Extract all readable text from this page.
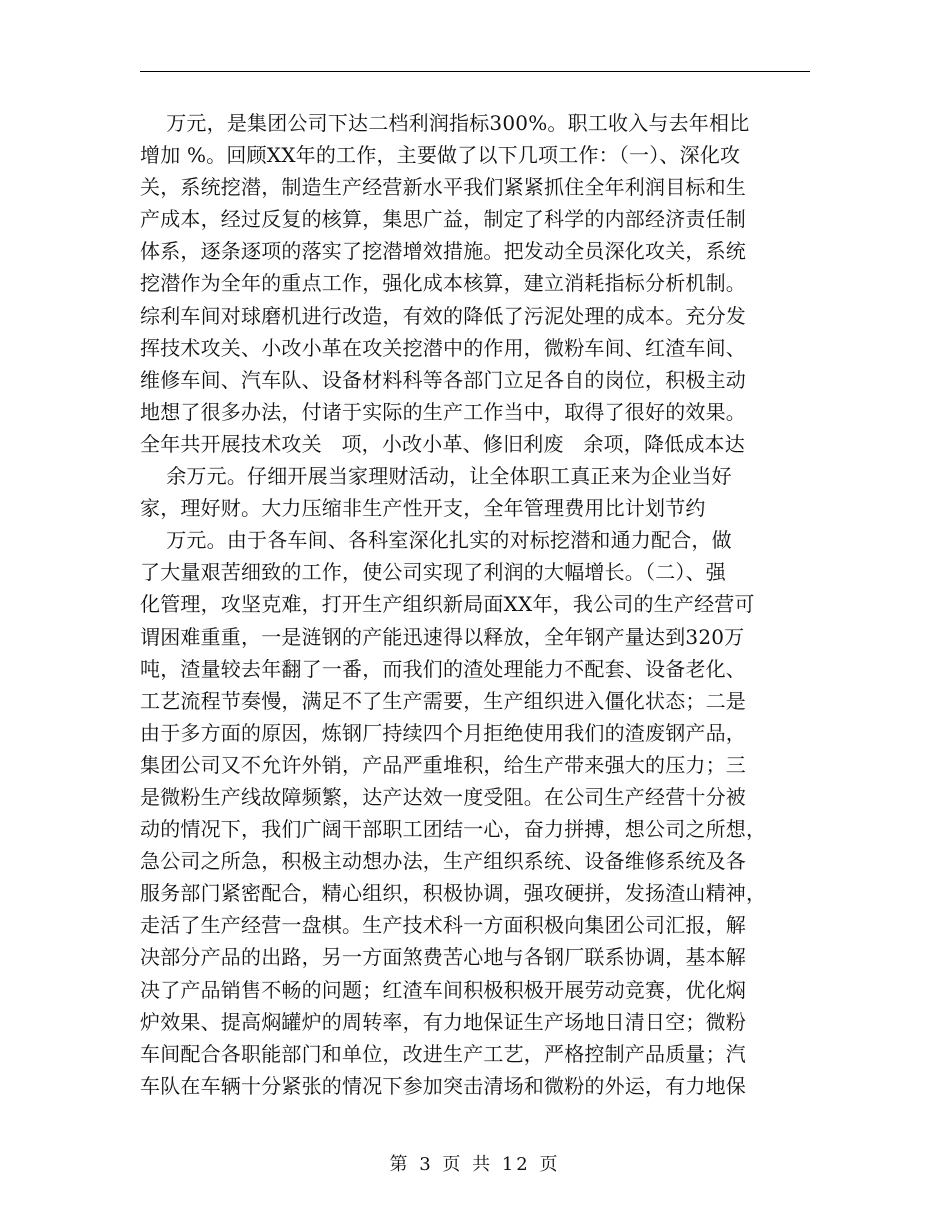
万元，是集团公司下达二档利润指标300%。职工收入与去年相比
增加 %。回顾XX年的工作，主要做了以下几项工作：（一）、深化攻
关，系统挖潜，制造生产经营新水平我们紧紧抓住全年利润目标和生
产成本，经过反复的核算，集思广益，制定了科学的内部经济责任制
体系，逐条逐项的落实了挖潜增效措施。把发动全员深化攻关，系统
挖潜作为全年的重点工作，强化成本核算，建立消耗指标分析机制。
综利车间对球磨机进行改造，有效的降低了污泥处理的成本。充分发
挥技术攻关、小改小革在攻关挖潜中的作用，微粉车间、红渣车间、
维修车间、汽车队、设备材料科等各部门立足各自的岗位，积极主动
地想了很多办法，付诸于实际的生产工作当中，取得了很好的效果。
全年共开展技术攻关   项，小改小革、修旧利废   余项，降低成本达
余万元。仔细开展当家理财活动，让全体职工真正来为企业当好
家，理好财。大力压缩非生产性开支，全年管理费用比计划节约
万元。由于各车间、各科室深化扎实的对标挖潜和通力配合，做
了大量艰苦细致的工作，使公司实现了利润的大幅增长。（二）、强
化管理，攻坚克难，打开生产组织新局面XX年，我公司的生产经营可
谓困难重重，一是涟钢的产能迅速得以释放，全年钢产量达到320万
吨，渣量较去年翻了一番，而我们的渣处理能力不配套、设备老化、
工艺流程节奏慢，满足不了生产需要，生产组织进入僵化状态；二是
由于多方面的原因，炼钢厂持续四个月拒绝使用我们的渣废钢产品，
集团公司又不允许外销，产品严重堆积，给生产带来强大的压力；三
是微粉生产线故障频繁，达产达效一度受阻。在公司生产经营十分被
动的情况下，我们广阔干部职工团结一心，奋力拼搏，想公司之所想，
急公司之所急，积极主动想办法，生产组织系统、设备维修系统及各
服务部门紧密配合，精心组织，积极协调，强攻硬拼，发扬渣山精神，
走活了生产经营一盘棋。生产技术科一方面积极向集团公司汇报，解
决部分产品的出路，另一方面煞费苦心地与各钢厂联系协调，基本解
决了产品销售不畅的问题；红渣车间积极积极开展劳动竞赛，优化焖
炉效果、提高焖罐炉的周转率，有力地保证生产场地日清日空；微粉
车间配合各职能部门和单位，改进生产工艺，严格控制产品质量；汽
车队在车辆十分紧张的情况下参加突击清场和微粉的外运，有力地保
第 3 页 共 12 页
